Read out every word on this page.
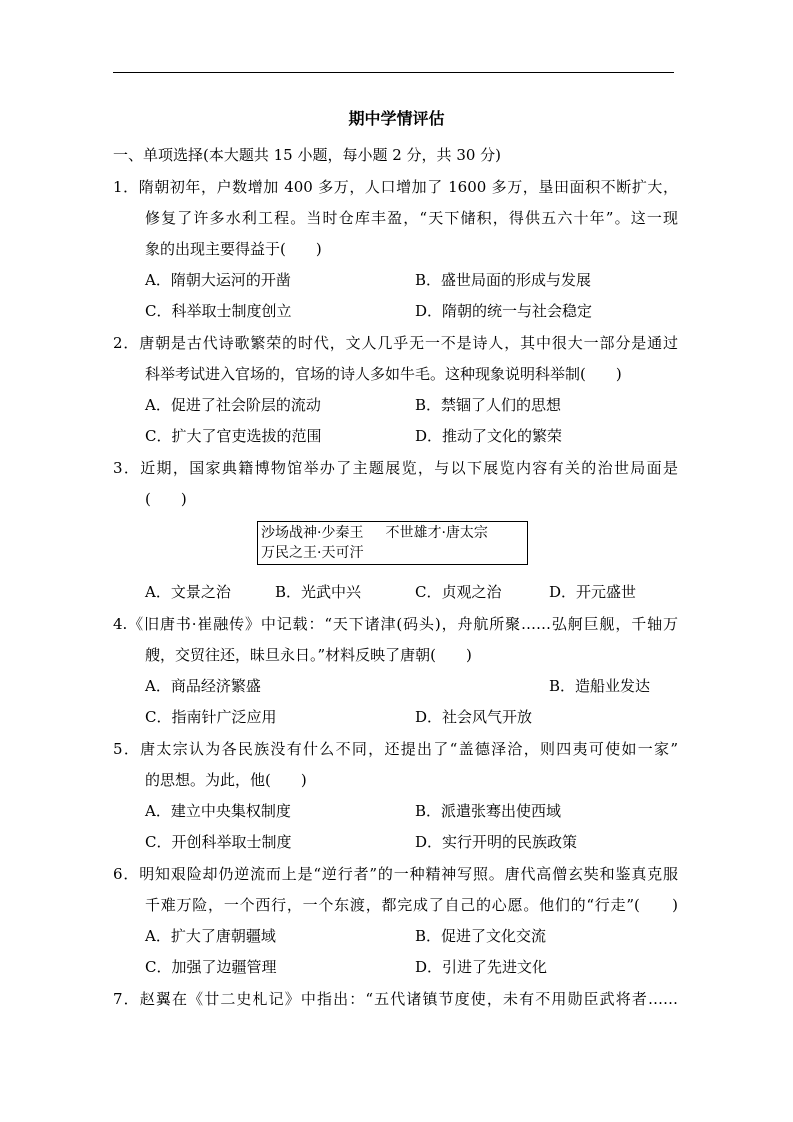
期中学情评估
一、单项选择(本大题共 15 小题，每小题 2 分，共 30 分)
1．隋朝初年，户数增加 400 多万，人口增加了 1600 多万，垦田面积不断扩大，
修复了许多水利工程。当时仓库丰盈，“天下储积，得供五六十年”。这一现
象的出现主要得益于(　　)
A．隋朝大运河的开凿	B．盛世局面的形成与发展
C．科举取士制度创立	D．隋朝的统一与社会稳定
2．唐朝是古代诗歌繁荣的时代，文人几乎无一不是诗人，其中很大一部分是通过
科举考试进入官场的，官场的诗人多如牛毛。这种现象说明科举制(　　)
A．促进了社会阶层的流动	B．禁锢了人们的思想
C．扩大了官吏选拔的范围	D．推动了文化的繁荣
3．近期，国家典籍博物馆举办了主题展览，与以下展览内容有关的治世局面是
(　　)
沙场战神·少秦王 不世雄才·唐太宗
万民之王·天可汗
A．文景之治	B．光武中兴	C．贞观之治	D．开元盛世
4.《旧唐书·崔融传》中记载：“天下诸津(码头)，舟航所聚……弘舸巨舰，千轴万
艘，交贸往还，昧旦永日。”材料反映了唐朝(　　)
A．商品经济繁盛	B．造船业发达
C．指南针广泛应用	D．社会风气开放
5．唐太宗认为各民族没有什么不同，还提出了“盖德泽洽，则四夷可使如一家”
的思想。为此，他(　　)
A．建立中央集权制度	B．派遣张骞出使西域
C．开创科举取士制度	D．实行开明的民族政策
6．明知艰险却仍逆流而上是“逆行者”的一种精神写照。唐代高僧玄奘和鉴真克服
千难万险，一个西行，一个东渡，都完成了自己的心愿。他们的“行走”(　　)
A．扩大了唐朝疆域	B．促进了文化交流
C．加强了边疆管理	D．引进了先进文化
7．赵翼在《廿二史札记》中指出：“五代诸镇节度使，未有不用勋臣武将者……
